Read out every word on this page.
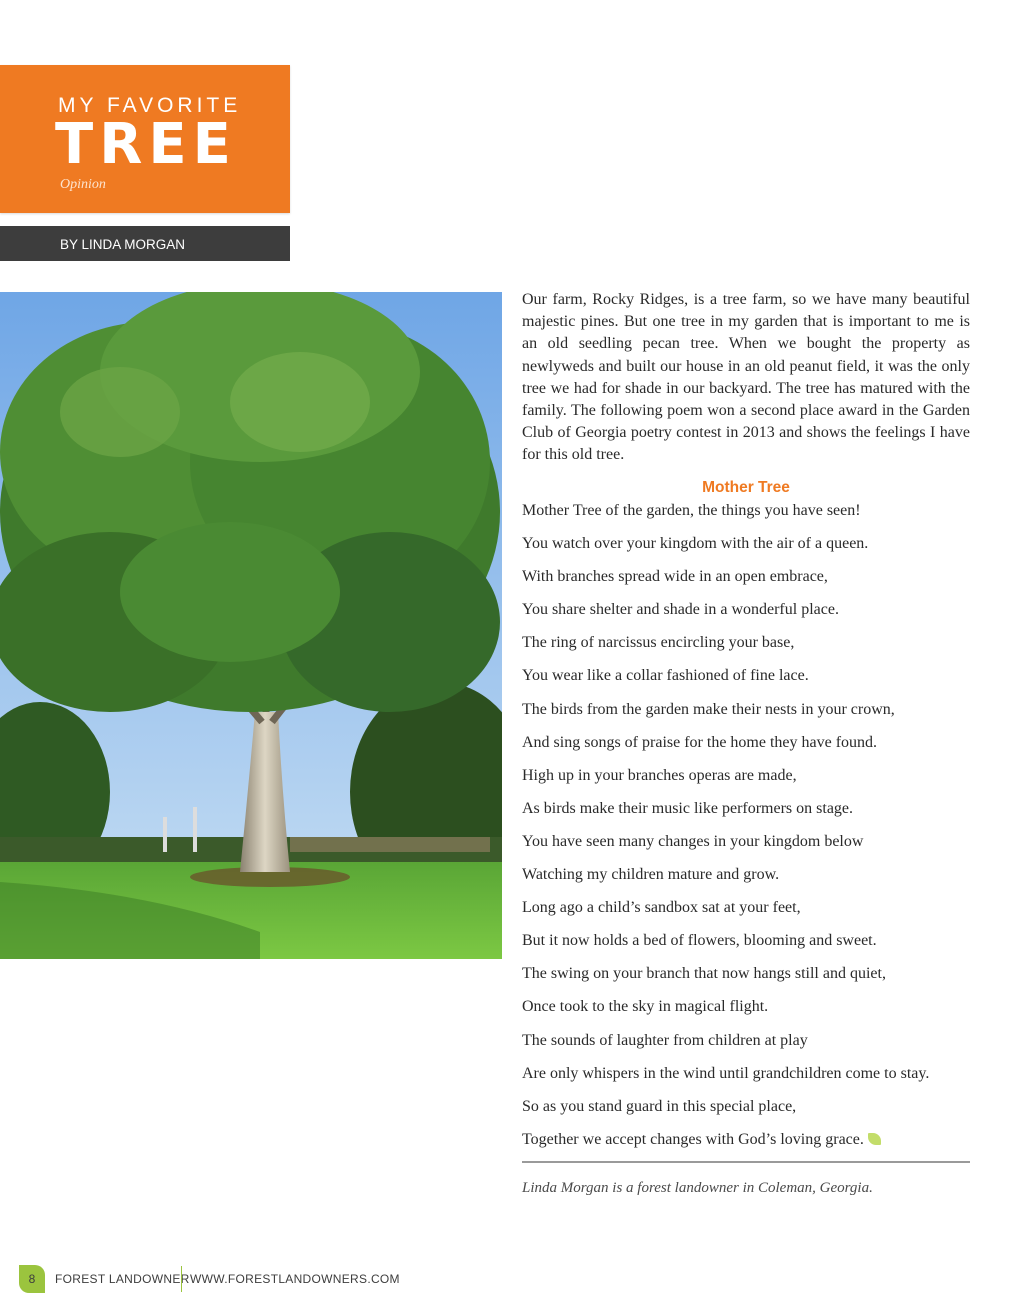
MY FAVORITE

TREE

Opinion

BY LINDA MORGAN

Our farm, Rocky Ridges, is a tree farm, so we have many beautiful majestic pines. But one tree in my garden that is important to me is an old seedling pecan tree. When we bought the property as newlyweds and built our house in an old peanut field, it was the only tree we had for shade in our backyard. The tree has matured with the family. The following poem won a second place award in the Garden Club of Georgia poetry contest in 2013 and shows the feelings I have for this old tree.

Mother Tree

Mother Tree of the garden, the things you have seen!
You watch over your kingdom with the air of a queen.
With branches spread wide in an open embrace,
You share shelter and shade in a wonderful place.
The ring of narcissus encircling your base,
You wear like a collar fashioned of fine lace.
The birds from the garden make their nests in your crown,
And sing songs of praise for the home they have found.
High up in your branches operas are made,
As birds make their music like performers on stage.
You have seen many changes in your kingdom below
Watching my children mature and grow.
Long ago a child’s sandbox sat at your feet,
But it now holds a bed of flowers, blooming and sweet.
The swing on your branch that now hangs still and quiet,
Once took to the sky in magical flight.
The sounds of laughter from children at play
Are only whispers in the wind until grandchildren come to stay.
So as you stand guard in this special place,
Together we accept changes with God’s loving grace.

Linda Morgan is a forest landowner in Coleman, Georgia.

8	FOREST LANDOWNER WWW.FORESTLANDOWNERS.COM
